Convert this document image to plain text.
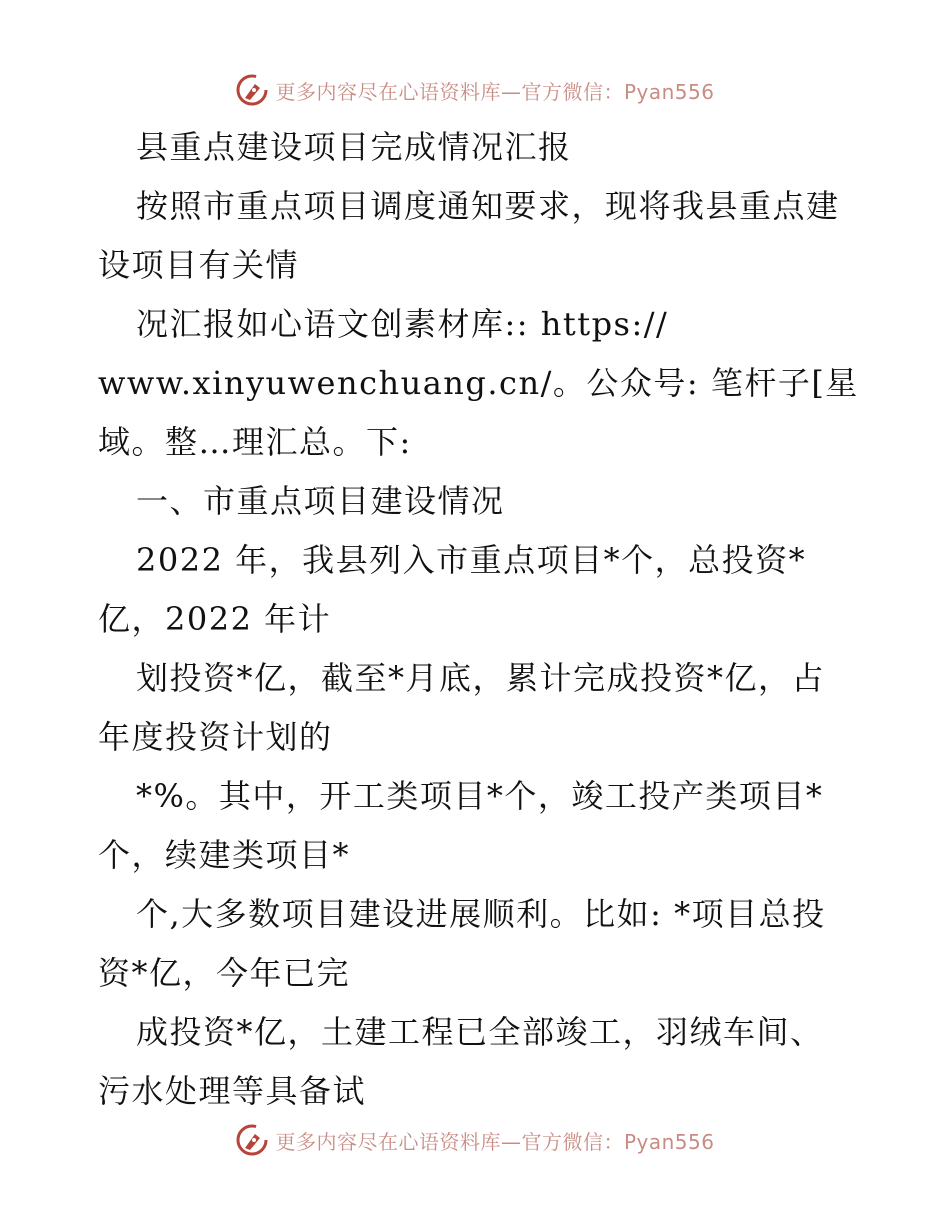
更多内容尽在心语资料库—官方微信：Pyan556
县重点建设项目完成情况汇报
按照市重点项目调度通知要求，现将我县重点建
设项目有关情
况汇报如心语文创素材库:: https://
www.xinyuwenchuang.cn/。公众号: 笔杆子[星
域。整…理汇总。下:
一、市重点项目建设情况
2022 年，我县列入市重点项目*个，总投资*
亿，2022 年计
划投资*亿，截至*月底，累计完成投资*亿，占
年度投资计划的
*%。其中，开工类项目*个，竣工投产类项目*
个，续建类项目*
个,大多数项目建设进展顺利。比如: *项目总投
资*亿，今年已完
成投资*亿，土建工程已全部竣工，羽绒车间、
污水处理等具备试
更多内容尽在心语资料库—官方微信：Pyan556
